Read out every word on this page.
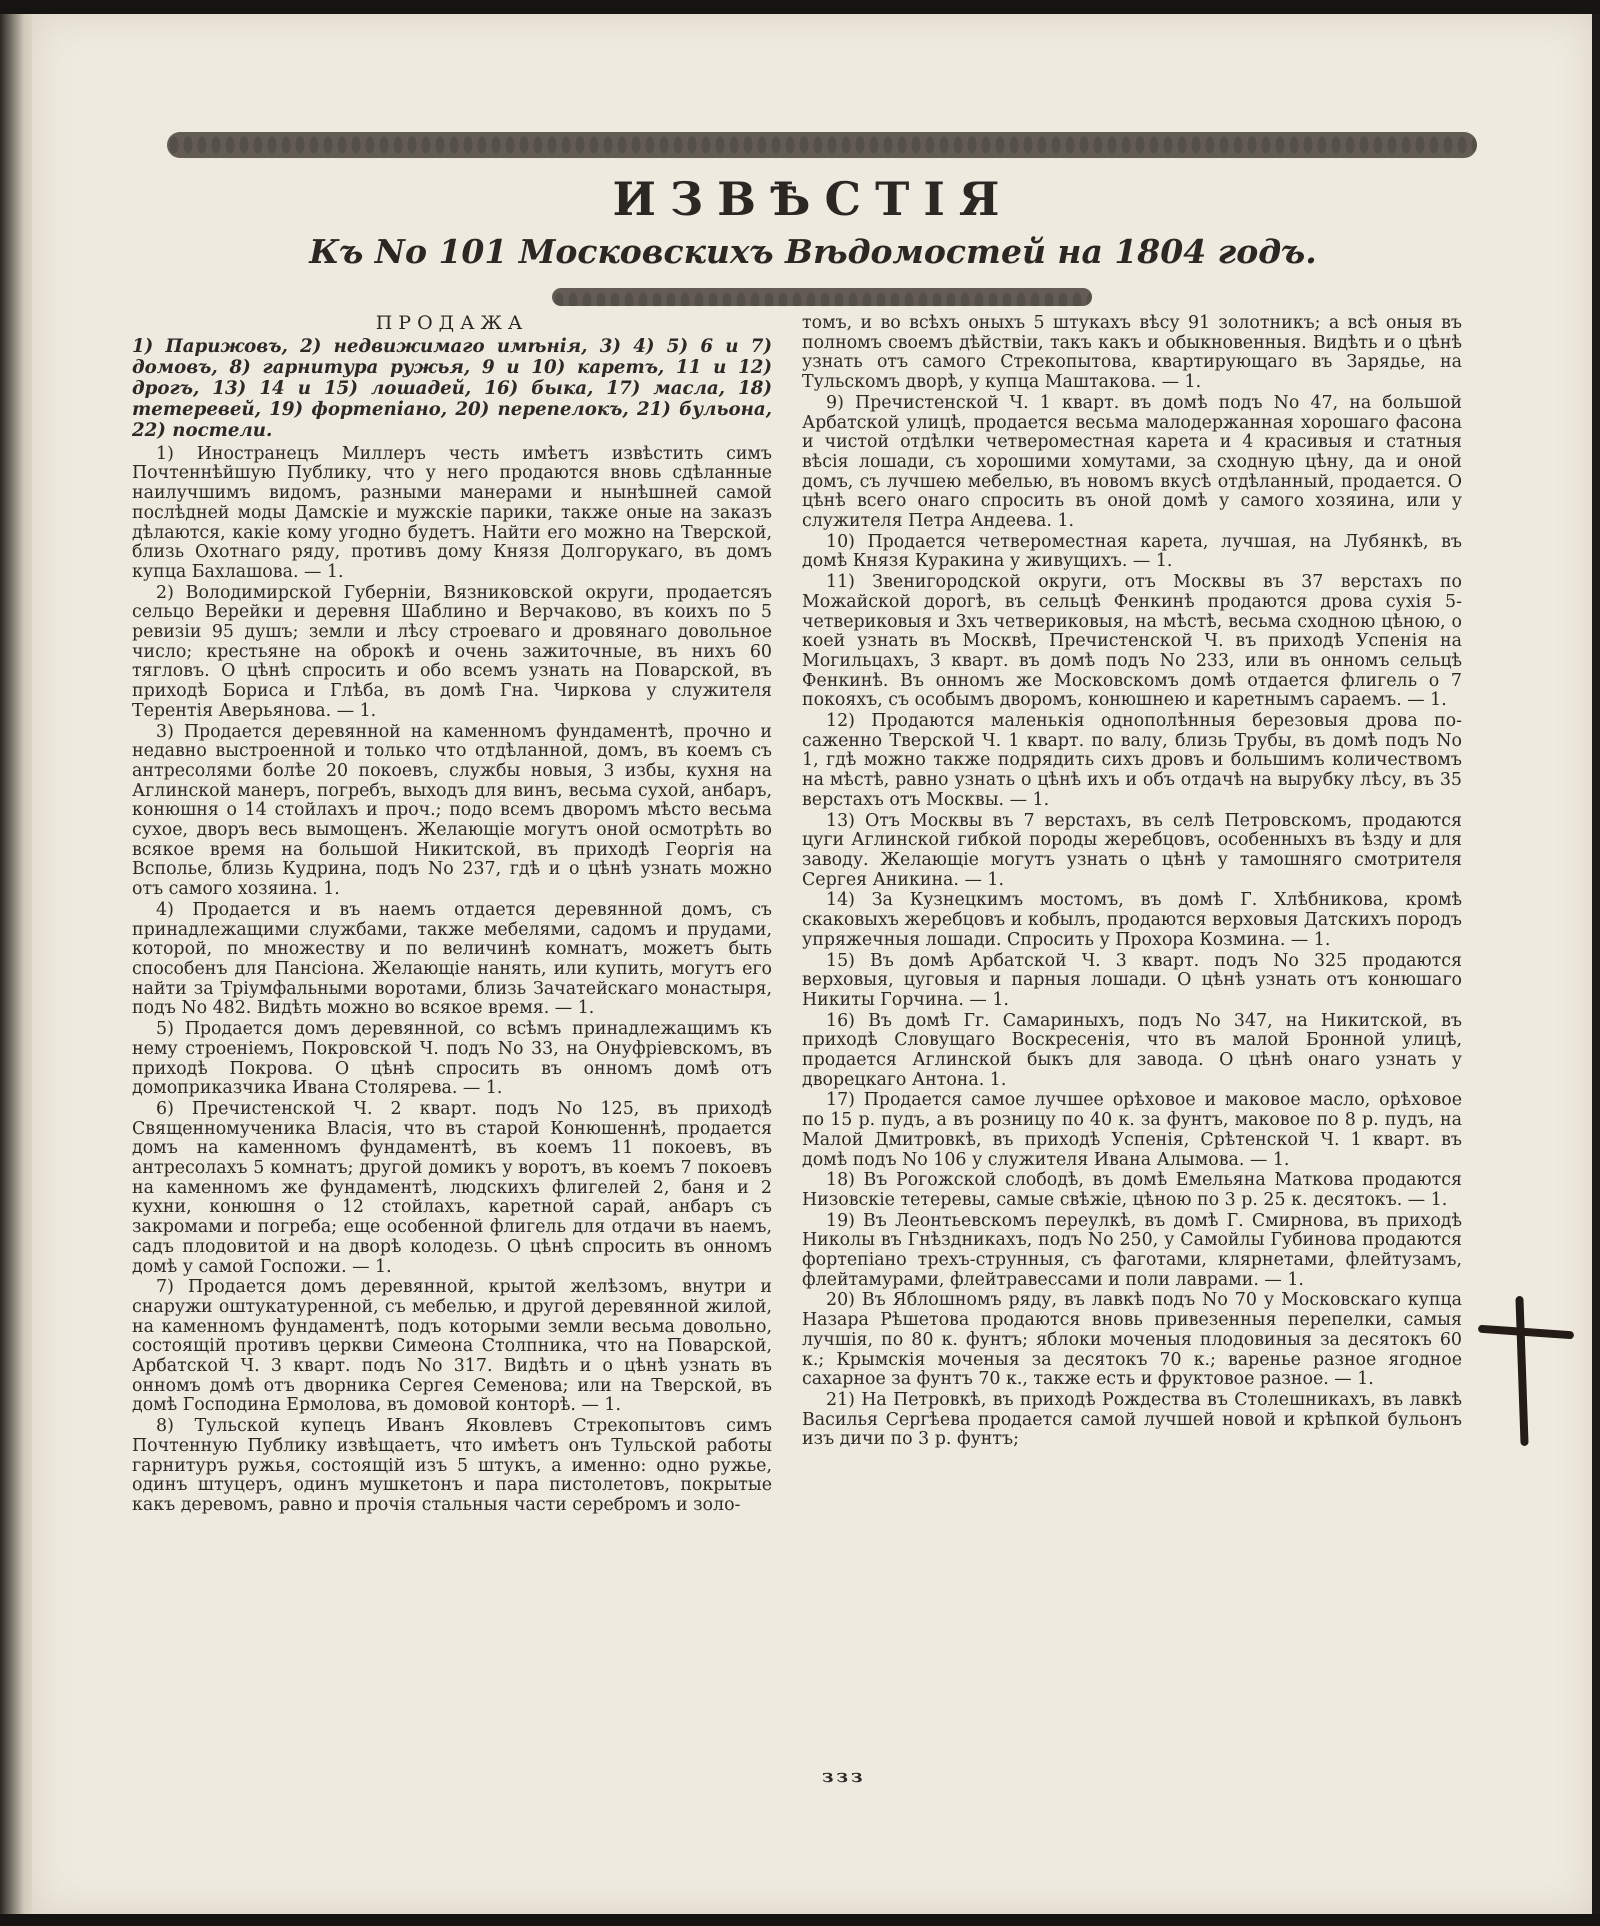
ИЗВѢСТIЯ
Къ No 101 Московскихъ Вѣдомостей на 1804 годъ.
ПРОДАЖА
1) Парижовъ, 2) недвижимаго имѣнія, 3) 4) 5) 6 и 7) домовъ, 8) гарнитура ружья, 9 и 10) каретъ, 11 и 12) дрогъ, 13) 14 и 15) лошадей, 16) быка, 17) масла, 18) тетеревей, 19) фортепiано, 20) перепелокъ, 21) бульона, 22) постели.

1) Иностранецъ Миллеръ честь имѣетъ извѣстить симъ Почтеннѣйшую Публику, что у него продаются вновь сдѣланные наилучшимъ видомъ, разными манерами и нынѣшней самой послѣдней моды Дамскіе и мужскіе парики, также оные на заказъ дѣлаются, какіе кому угодно будетъ. Найти его можно на Тверской, близь Охотнаго ряду, противъ дому Князя Долгорукаго, въ домъ купца Бахлашова. — 1.

2) Володимирской Губерніи, Вязниковской округи, продаетсяъ сельцо Верейки и деревня Шаблино и Верчаково, въ коихъ по 5 ревизіи 95 душъ; земли и лѣсу строеваго и дровянаго довольное число; крестьяне на оброкѣ и очень зажиточные, въ нихъ 60 тягловъ. О цѣнѣ спросить и обо всемъ узнать на Поварской, въ приходѣ Бориса и Глѣба, въ домѣ Гна. Чиркова у служителя Терентія Аверьянова. — 1.

3) Продается деревянной на каменномъ фундаментѣ, прочно и недавно выстроенной и только что отдѣланной, домъ, въ коемъ съ антресолями болѣе 20 покоевъ, службы новыя, 3 избы, кухня на Аглинской манеръ, погребъ, выходъ для винъ, весьма сухой, анбаръ, конюшня о 14 стойлахъ и проч.; подо всемъ дворомъ мѣсто весьма сухое, дворъ весь вымощенъ. Желающіе могутъ оной осмотрѣть во всякое время на большой Никитской, въ приходѣ Георгія на Всполье, близь Кудрина, подъ No 237, гдѣ и о цѣнѣ узнать можно отъ самого хозяина. 1.

4) Продается и въ наемъ отдается деревянной домъ, съ принадлежащими службами, также мебелями, садомъ и прудами, которой, по множеству и по величинѣ комнатъ, можетъ быть способенъ для Пансіона. Желающіе нанять, или купить, могутъ его найти за Тріумфальными воротами, близь Зачатейскаго монастыря, подъ No 482. Видѣть можно во всякое время. — 1.

5) Продается домъ деревянной, со всѣмъ принадлежащимъ къ нему строеніемъ, Покровской Ч. подъ No 33, на Онуфріевскомъ, въ приходѣ Покрова. О цѣнѣ спросить въ онномъ домѣ отъ домоприказчика Ивана Столярева. — 1.

6) Пречистенской Ч. 2 кварт. подъ No 125, въ приходѣ Священномученика Власія, что въ старой Конюшеннѣ, продается домъ на каменномъ фундаментѣ, въ коемъ 11 покоевъ, въ антресолахъ 5 комнатъ; другой домикъ у воротъ, въ коемъ 7 покоевъ на каменномъ же фундаментѣ, людскихъ флигелей 2, баня и 2 кухни, конюшня о 12 стойлахъ, каретной сарай, анбаръ съ закромами и погреба; еще особенной флигель для отдачи въ наемъ, садъ плодовитой и на дворѣ колодезь. О цѣнѣ спросить въ онномъ домѣ у самой Госпожи. — 1.

7) Продается домъ деревянной, крытой желѣзомъ, внутри и снаружи оштукатуренной, съ мебелью, и другой деревянной жилой, на каменномъ фундаментѣ, подъ которыми земли весьма довольно, состоящій противъ церкви Симеона Столпника, что на Поварской, Арбатской Ч. 3 кварт. подъ No 317. Видѣть и о цѣнѣ узнать въ онномъ домѣ отъ дворника Сергея Семенова; или на Тверской, въ домѣ Господина Ермолова, въ домовой конторѣ. — 1.

8) Тульской купецъ Иванъ Яковлевъ Стрекопытовъ симъ Почтенную Публику извѣщаетъ, что имѣетъ онъ Тульской работы гарнитуръ ружья, состоящій изъ 5 штукъ, а именно: одно ружье, одинъ штуцеръ, одинъ мушкетонъ и пара пистолетовъ, покрытые какъ деревомъ, равно и прочія стальныя части серебромъ и золо-

томъ, и во всѣхъ оныхъ 5 штукахъ вѣсу 91 золотникъ; а всѣ оныя въ полномъ своемъ дѣйствіи, такъ какъ и обыкновенныя. Видѣть и о цѣнѣ узнать отъ самого Стрекопытова, квартирующаго въ Зарядье, на Тульскомъ дворѣ, у купца Маштакова. — 1.

9) Пречистенской Ч. 1 кварт. въ домѣ подъ No 47, на большой Арбатской улицѣ, продается весьма малодержанная хорошаго фасона и чистой отдѣлки четвероместная карета и 4 красивыя и статныя вѣсія лошади, съ хорошими хомутами, за сходную цѣну, да и оной домъ, съ лучшею мебелью, въ новомъ вкусѣ отдѣланный, продается. О цѣнѣ всего онаго спросить въ оной домѣ у самого хозяина, или у служителя Петра Андеева. 1.

10) Продается четвероместная карета, лучшая, на Лубянкѣ, въ домѣ Князя Куракина у живущихъ. — 1.

11) Звенигородской округи, отъ Москвы въ 37 верстахъ по Можайской дорогѣ, въ сельцѣ Фенкинѣ продаются дрова сухія 5-четвериковыя и 3хъ четвериковыя, на мѣстѣ, весьма сходною цѣною, о коей узнать въ Москвѣ, Пречистенской Ч. въ приходѣ Успенія на Могильцахъ, 3 кварт. въ домѣ подъ No 233, или въ онномъ сельцѣ Фенкинѣ. Въ онномъ же Московскомъ домѣ отдается флигель о 7 покояхъ, съ особымъ дворомъ, конюшнею и каретнымъ сараемъ. — 1.

12) Продаются маленькія однополѣнныя березовыя дрова по-саженно Тверской Ч. 1 кварт. по валу, близь Трубы, въ домѣ подъ No 1, гдѣ можно также подрядить сихъ дровъ и большимъ количествомъ на мѣстѣ, равно узнать о цѣнѣ ихъ и объ отдачѣ на вырубку лѣсу, въ 35 верстахъ отъ Москвы. — 1.

13) Отъ Москвы въ 7 верстахъ, въ селѣ Петровскомъ, продаются цуги Аглинской гибкой породы жеребцовъ, особенныхъ въ ѣзду и для заводу. Желающіе могутъ узнать о цѣнѣ у тамошняго смотрителя Сергея Аникина. — 1.

14) За Кузнецкимъ мостомъ, въ домѣ Г. Хлѣбникова, кромѣ скаковыхъ жеребцовъ и кобылъ, продаются верховыя Датскихъ породъ упряжечныя лошади. Спросить у Прохора Козмина. — 1.

15) Въ домѣ Арбатской Ч. 3 кварт. подъ No 325 продаются верховыя, цуговыя и парныя лошади. О цѣнѣ узнать отъ конюшаго Никиты Горчина. — 1.

16) Въ домѣ Гг. Самариныхъ, подъ No 347, на Никитской, въ приходѣ Словущаго Воскресенія, что въ малой Бронной улицѣ, продается Аглинской быкъ для завода. О цѣнѣ онаго узнать у дворецкаго Антона. 1.

17) Продается самое лучшее орѣховое и маковое масло, орѣховое по 15 р. пудъ, а въ розницу по 40 к. за фунтъ, маковое по 8 р. пудъ, на Малой Дмитровкѣ, въ приходѣ Успенія, Срѣтенской Ч. 1 кварт. въ домѣ подъ No 106 у служителя Ивана Алымова. — 1.

18) Въ Рогожской слободѣ, въ домѣ Емельяна Маткова продаются Низовскіе тетеревы, самые свѣжіе, цѣною по 3 р. 25 к. десятокъ. — 1.

19) Въ Леонтьевскомъ переулкѣ, въ домѣ Г. Смирнова, въ приходѣ Николы въ Гнѣздникахъ, подъ No 250, у Самойлы Губинова продаются фортепіано трехъ-струнныя, съ фаготами, клярнетами, флейтузамъ, флейтамурами, флейтравессами и поли лаврами. — 1.

20) Въ Яблошномъ ряду, въ лавкѣ подъ No 70 у Московскаго купца Назара Рѣшетова продаются вновь привезенныя перепелки, самыя лучшія, по 80 к. фунтъ; яблоки моченыя плодовиныя за десятокъ 60 к.; Крымскія моченыя за десятокъ 70 к.; варенье разное ягодное сахарное за фунтъ 70 к., также есть и фруктовое разное. — 1.

21) На Петровкѣ, въ приходѣ Рождества въ Столешникахъ, въ лавкѣ Василья Сергѣева продается самой лучшей новой и крѣпкой бульонъ изъ дичи по 3 р. фунтъ;

ззз
